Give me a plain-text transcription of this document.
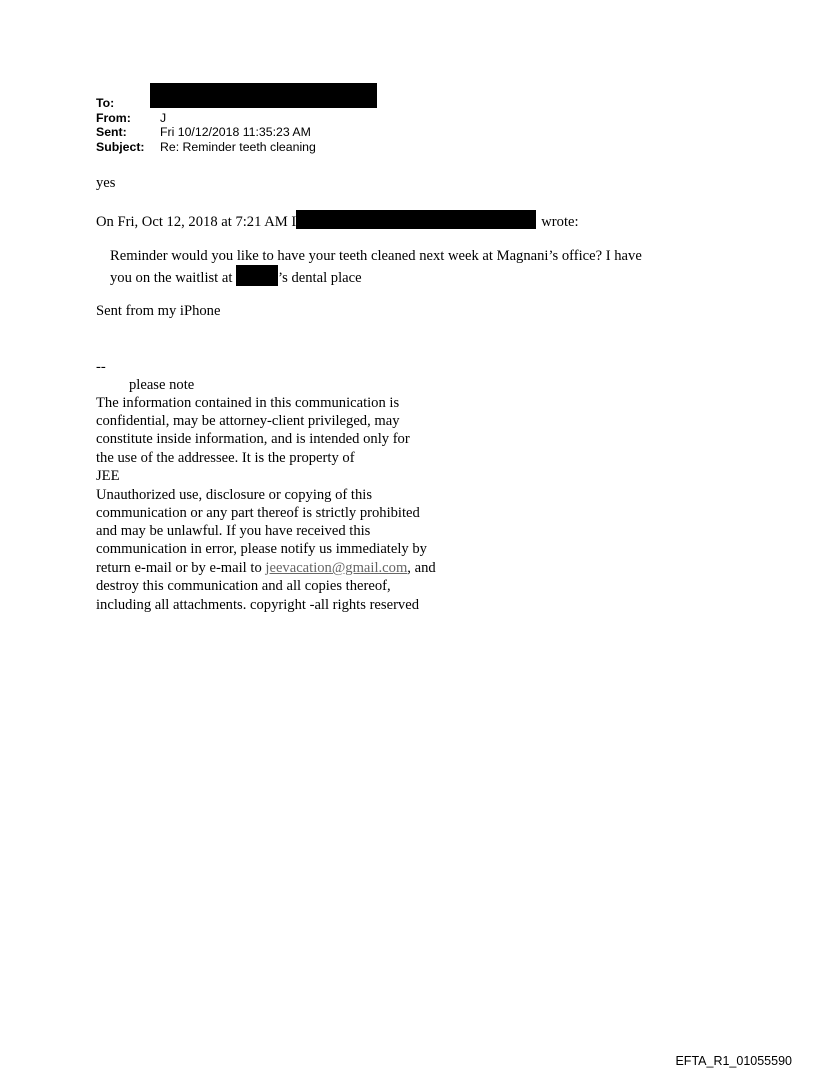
To:
From:	J
Sent:	Fri 10/12/2018 11:35:23 AM
Subject:	Re: Reminder teeth cleaning
yes
On Fri, Oct 12, 2018 at 7:21 AM I	wrote:
Reminder would you like to have your teeth cleaned next week at Magnani’s office? I have
you on the waitlist at	’s dental place
Sent from my iPhone
--
please note
The information contained in this communication is
confidential, may be attorney-client privileged, may
constitute inside information, and is intended only for
the use of the addressee. It is the property of
JEE
Unauthorized use, disclosure or copying of this
communication or any part thereof is strictly prohibited
and may be unlawful. If you have received this
communication in error, please notify us immediately by
return e-mail or by e-mail to jeevacation@gmail.com, and
destroy this communication and all copies thereof,
including all attachments. copyright -all rights reserved
EFTA_R1_01055590
